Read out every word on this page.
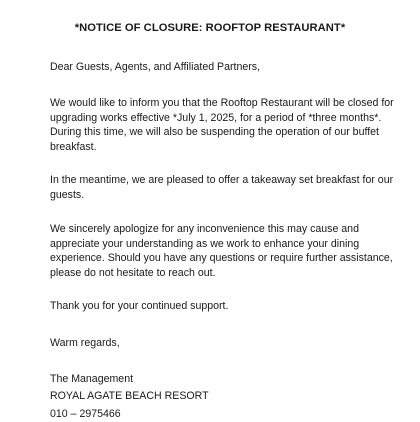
*NOTICE OF CLOSURE: ROOFTOP RESTAURANT*
Dear Guests, Agents, and Affiliated Partners,
We would like to inform you that the Rooftop Restaurant will be closed for upgrading works effective *July 1, 2025, for a period of *three months*. During this time, we will also be suspending the operation of our buffet breakfast.
In the meantime, we are pleased to offer a takeaway set breakfast for our guests.
We sincerely apologize for any inconvenience this may cause and appreciate your understanding as we work to enhance your dining experience. Should you have any questions or require further assistance, please do not hesitate to reach out.
Thank you for your continued support.
Warm regards,
The Management
ROYAL AGATE BEACH RESORT
010 – 2975466
